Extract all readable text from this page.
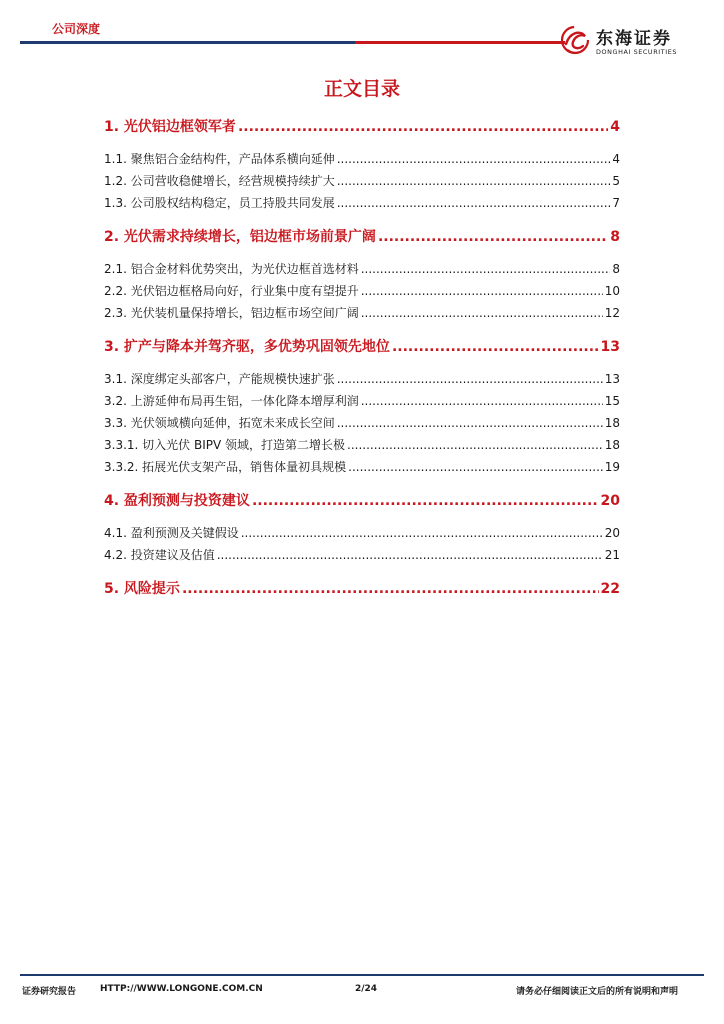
公司深度	东海证券
DONGHAI SECURITIES
正文目录
1. 光伏铝边框领军者 .....	4
1.1. 聚焦铝合金结构件，产品体系横向延伸 .....	4
1.2. 公司营收稳健增长，经营规模持续扩大 .....	5
1.3. 公司股权结构稳定，员工持股共同发展 .....	7
2. 光伏需求持续增长，铝边框市场前景广阔 .....	8
2.1. 铝合金材料优势突出，为光伏边框首选材料 .....	8
2.2. 光伏铝边框格局向好，行业集中度有望提升 .....	10
2.3. 光伏装机量保持增长，铝边框市场空间广阔 .....	12
3. 扩产与降本并驾齐驱，多优势巩固领先地位 .....	13
3.1. 深度绑定头部客户，产能规模快速扩张 .....	13
3.2. 上游延伸布局再生铝，一体化降本增厚利润 .....	15
3.3. 光伏领域横向延伸，拓宽未来成长空间 .....	18
3.3.1. 切入光伏 BIPV 领域，打造第二增长极 .....	18
3.3.2. 拓展光伏支架产品，销售体量初具规模 .....	19
4. 盈利预测与投资建议 .....	20
4.1. 盈利预测及关键假设 .....	20
4.2. 投资建议及估值 .....	21
5. 风险提示 .....	22
证券研究报告	HTTP://WWW.LONGONE.COM.CN	2/24	请务必仔细阅读正文后的所有说明和声明
